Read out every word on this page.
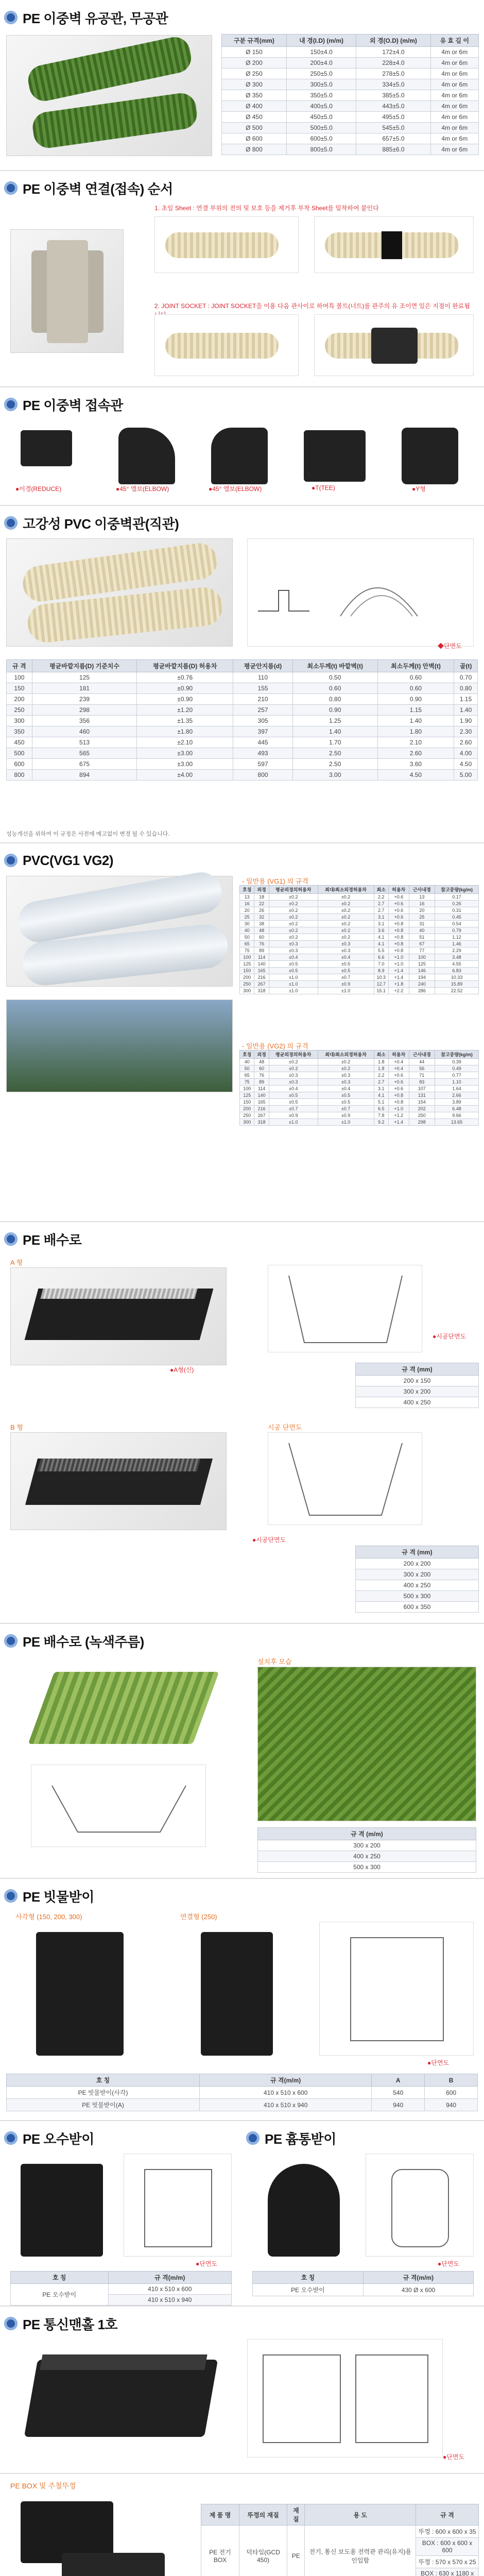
PE 이중벽 유공관, 무공관
구분 규격(mm)	내 경(I.D) (m/m)	외 경(O.D) (m/m)	유 효 길 이
Ø 150	150±4.0	172±4.0	4m or 6m
Ø 200	200±4.0	228±4.0	4m or 6m
Ø 250	250±5.0	278±5.0	4m or 6m
Ø 300	300±5.0	334±5.0	4m or 6m
Ø 350	350±5.0	385±5.0	4m or 6m
Ø 400	400±5.0	443±5.0	4m or 6m
Ø 450	450±5.0	495±5.0	4m or 6m
Ø 500	500±5.0	545±5.0	4m or 6m
Ø 600	600±5.0	657±5.0	4m or 6m
Ø 800	800±5.0	885±6.0	4m or 6m
PE 이중벽 연결(접속) 순서
1. 초임 Sheet : 연결 부위의 전의 및 보호 등을 제거후 부착 Sheet를 밀착하여 붙인다
2. JOINT SOCKET : JOINT SOCKET을 이용 다음 관사이로 하여특 볼트(너트)를 관주의 유 조이면 있은 지점이 완료됩
PE 이중벽 접속관
●이경(REDUCE)	●45° 엘보(ELBOW)	●45° 엘보(ELBOW)	●T(TEE)	●Y형
고강성 PVC 이중벽관(직관)
◆단면도
규 격	평균바깥지름(D) 기준치수	평균바깥지름(D) 허용차	평균안지름(d)	최소두께(t) 바깥벽(t)	최소두께(t) 안벽(t)	골(t)
100	125	±0.76	110	0.50	0.60	0.70
150	181	±0.90	155	0.60	0.60	0.80
200	239	±0.90	210	0.80	0.90	1.15
250	298	±1.20	257	0.90	1.15	1.40
300	356	±1.35	305	1.25	1.40	1.90
350	460	±1.80	397	1.40	1.80	2.30
450	513	±2.10	445	1.70	2.10	2.60
500	565	±3.00	493	2.50	2.60	4.00
600	675	±3.00	597	2.50	3.60	4.50
800	894	±4.00	800	3.00	4.50	5.00
성능개선을 위하여 이 규정은 사전에 예고없이 변경 될 수 있습니다.
PVC(VG1 VG2)
- 일반용 (VG1) 의 규격
호칭	외경	평균외경의허용차	최대/최소외경허용차	최소	허용차	근사내경	참고중량(kg/m)
13	18	±0.2	±0.2	2.2	+0.6	13	0.17
16	22	±0.2	±0.2	2.7	+0.6	16	0.26
20	26	±0.2	±0.2	2.7	+0.6	20	0.31
25	32	±0.2	±0.2	3.1	+0.6	25	0.45
30	38	±0.2	±0.2	3.1	+0.8	31	0.54
40	48	±0.2	±0.2	3.6	+0.8	40	0.79
50	60	±0.2	±0.2	4.1	+0.8	51	1.12
65	76	±0.3	±0.3	4.1	+0.8	67	1.46
75	89	±0.3	±0.3	5.5	+0.8	77	2.29
100	114	±0.4	±0.4	6.6	+1.0	100	3.48
125	140	±0.5	±0.5	7.0	+1.0	125	4.55
150	165	±0.5	±0.5	8.9	+1.4	146	6.83
200	216	±1.0	±0.7	10.3	+1.4	194	10.33
250	267	±1.0	±0.9	12.7	+1.8	240	15.89
300	318	±1.0	±1.0	15.1	+2.2	286	22.52
- 일반용 (VG2) 의 규격
호칭	외경	평균외경의허용차	최대/최소외경허용차	최소	허용차	근사내경	참고중량(kg/m)
40	48	±0.2	±0.2	1.8	+0.4	44	0.39
50	60	±0.2	±0.2	1.8	+0.4	56	0.49
65	76	±0.3	±0.3	2.2	+0.6	71	0.77
75	89	±0.3	±0.3	2.7	+0.6	83	1.10
100	114	±0.4	±0.4	3.1	+0.6	107	1.64
125	140	±0.5	±0.5	4.1	+0.8	131	2.66
150	165	±0.5	±0.5	5.1	+0.8	154	3.89
200	216	±0.7	±0.7	6.5	+1.0	202	6.48
250	267	±0.9	±0.9	7.8	+1.2	250	9.66
300	318	±1.0	±1.0	9.2	+1.4	298	13.65
PE 배수로
A 형
●A형(신)
●시공단면도
규 격 (mm)
200 x 150
300 x 200
400 x 250
B 형	시공 단면도
●시공단면도
규 격 (mm)
200 x 200
300 x 200
400 x 250
500 x 300
600 x 350
PE 배수로 (녹색주름)
설치후 모습
규 격 (m/m)
300 x 200
400 x 250
500 x 300
PE 빗물받이
사각형 (150, 200, 300)	연결형 (250)
●단면도
호 칭	규 격(m/m)	A	B
PE 빗물받이(사각)	410 x 510 x 600	540	600
PE 빗물받이(A)	410 x 510 x 940	940	940
PE 오수받이	PE 흄통받이
●단면도
호 칭	규 격(m/m)
PE 오수받이	410 x 510 x 600
	410 x 510 x 940
●단면도
호 칭	규 격(m/m)
PE 오수받이	430 Ø x 600
PE 통신맨홀 1호
●단면도
PE BOX 및 주철뚜껑
제 품 명	뚜껑의 재질	재 질	용 도	규 격
PE 전기 BOX	덕타일(GCD 450)	PE	전기, 통신 보도용 전력관 관리(유지)용 인입함	뚜껑 : 600 x 600 x 35
				BOX : 600 x 600 x 600
				뚜껑 : 570 x 570 x 25
				BOX : 630 x 1180 x
